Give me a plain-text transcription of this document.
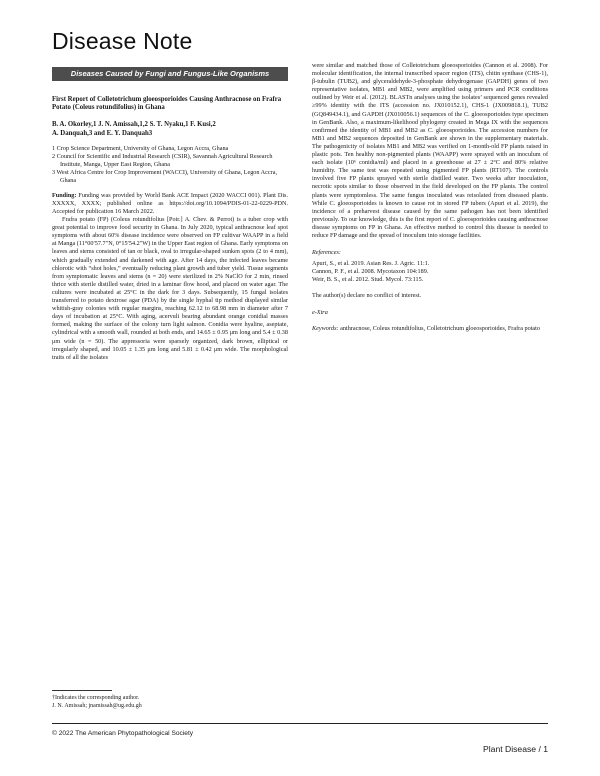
Disease Note
Diseases Caused by Fungi and Fungus-Like Organisms
First Report of Colletotrichum gloeosporioides Causing Anthracnose on Frafra Potato (Coleus rotundifolius) in Ghana
B. A. Okorley,1 J. N. Amissah,1,2 S. T. Nyaku,1 F. Kusi,2
A. Danquah,3 and E. Y. Danquah3
1 Crop Science Department, University of Ghana, Legon Accra, Ghana
2 Council for Scientific and Industrial Research (CSIR), Savannah Agricultural Research Institute, Manga, Upper East Region, Ghana
3 West Africa Centre for Crop Improvement (WACCI), University of Ghana, Legon Accra, Ghana

Funding: Funding was provided by World Bank ACE Impact (2020 WACCI 001). Plant Dis. XXXXX, XXXX; published online as https://doi.org/10.1094/PDIS-01-22-0229-PDN. Accepted for publication 16 March 2022.

Frafra potato (FP) (Coleus rotundifolius [Poir.] A. Chev. & Perrot) is a tuber crop with great potential to improve food security in Ghana. In July 2020, typical anthracnose leaf spot symptoms with about 60% disease incidence were observed on FP cultivar WAAPP in a field at Manga (11°00′57.7″N, 0°15′54.2″W) in the Upper East region of Ghana. Early symptoms on leaves and stems consisted of tan or black, oval to irregular-shaped sunken spots (2 to 4 mm), which gradually extended and darkened with age. After 14 days, the infected leaves became chlorotic with “shot holes,” eventually reducing plant growth and tuber yield. Tissue segments from symptomatic leaves and stems (n = 20) were sterilized in 2% NaClO for 2 min, rinsed thrice with sterile distilled water, dried in a laminar flow hood, and placed on water agar. The cultures were incubated at 25°C in the dark for 3 days. Subsequently, 15 fungal isolates transferred to potato dextrose agar (PDA) by the single hyphal tip method displayed similar whitish-gray colonies with regular margins, reaching 62.12 to 68.98 mm in diameter after 7 days of incubation at 25°C. With aging, acervuli bearing abundant orange conidial masses formed, making the surface of the colony turn light salmon. Conidia were hyaline, aseptate, cylindrical with a smooth wall, rounded at both ends, and 14.65 ± 0.95 μm long and 5.4 ± 0.38 μm wide (n = 50). The appressoria were sparsely organized, dark brown, elliptical or irregularly shaped, and 10.05 ± 1.35 μm long and 5.81 ± 0.42 μm wide. The morphological traits of all the isolates

were similar and matched those of Colletotrichum gloeosporioides (Cannon et al. 2008). For molecular identification, the internal transcribed spacer region (ITS), chitin synthase (CHS-1), β-tubulin (TUB2), and glyceraldehyde-3-phosphate dehydrogenase (GAPDH) genes of two representative isolates, MB1 and MB2, were amplified using primers and PCR conditions outlined by Weir et al. (2012). BLASTn analyses using the isolates’ sequenced genes revealed ≥99% identity with the ITS (accession no. JX010152.1), CHS-1 (JX009818.1), TUB2 (GQ849434.1), and GAPDH (JX010056.1) sequences of the C. gloeosporioides type specimen in GenBank. Also, a maximum-likelihood phylogeny created in Mega IX with the sequences confirmed the identity of MB1 and MB2 as C. gloeosporioides. The accession numbers for MB1 and MB2 sequences deposited in GenBank are shown in the supplementary materials. The pathogenicity of isolates MB1 and MB2 was verified on 1-month-old FP plants raised in plastic pots. Ten healthy non-pigmented plants (WAAPP) were sprayed with an inoculum of each isolate (10⁶ conidia/ml) and placed in a greenhouse at 27 ± 2°C and 80% relative humidity. The same test was repeated using pigmented FP plants (RT107). The controls involved five FP plants sprayed with sterile distilled water. Two weeks after inoculation, necrotic spots similar to those observed in the field developed on the FP plants. The control plants were symptomless. The same fungus inoculated was reisolated from diseased plants. While C. gloeosporioides is known to cause rot in stored FP tubers (Apuri et al. 2019), the incidence of a preharvest disease caused by the same pathogen has not been identified previously. To our knowledge, this is the first report of C. gloeosporioides causing anthracnose disease symptoms on FP in Ghana. An effective method to control this disease is needed to reduce FP damage and the spread of inoculum into storage facilities.

References:
Apuri, S., et al. 2019. Asian Res. J. Agric. 11:1.
Cannon, P. F., et al. 2008. Mycotaxon 104:189.
Weir, B. S., et al. 2012. Stud. Mycol. 73:115.
The author(s) declare no conflict of interest.
e-Xtra
Keywords: anthracnose, Coleus rotundifolius, Colletotrichum gloeosporioides, Frafra potato
†Indicates the corresponding author.
J. N. Amissah; jnamissah@ug.edu.gh
© 2022 The American Phytopathological Society
Plant Disease / 1
